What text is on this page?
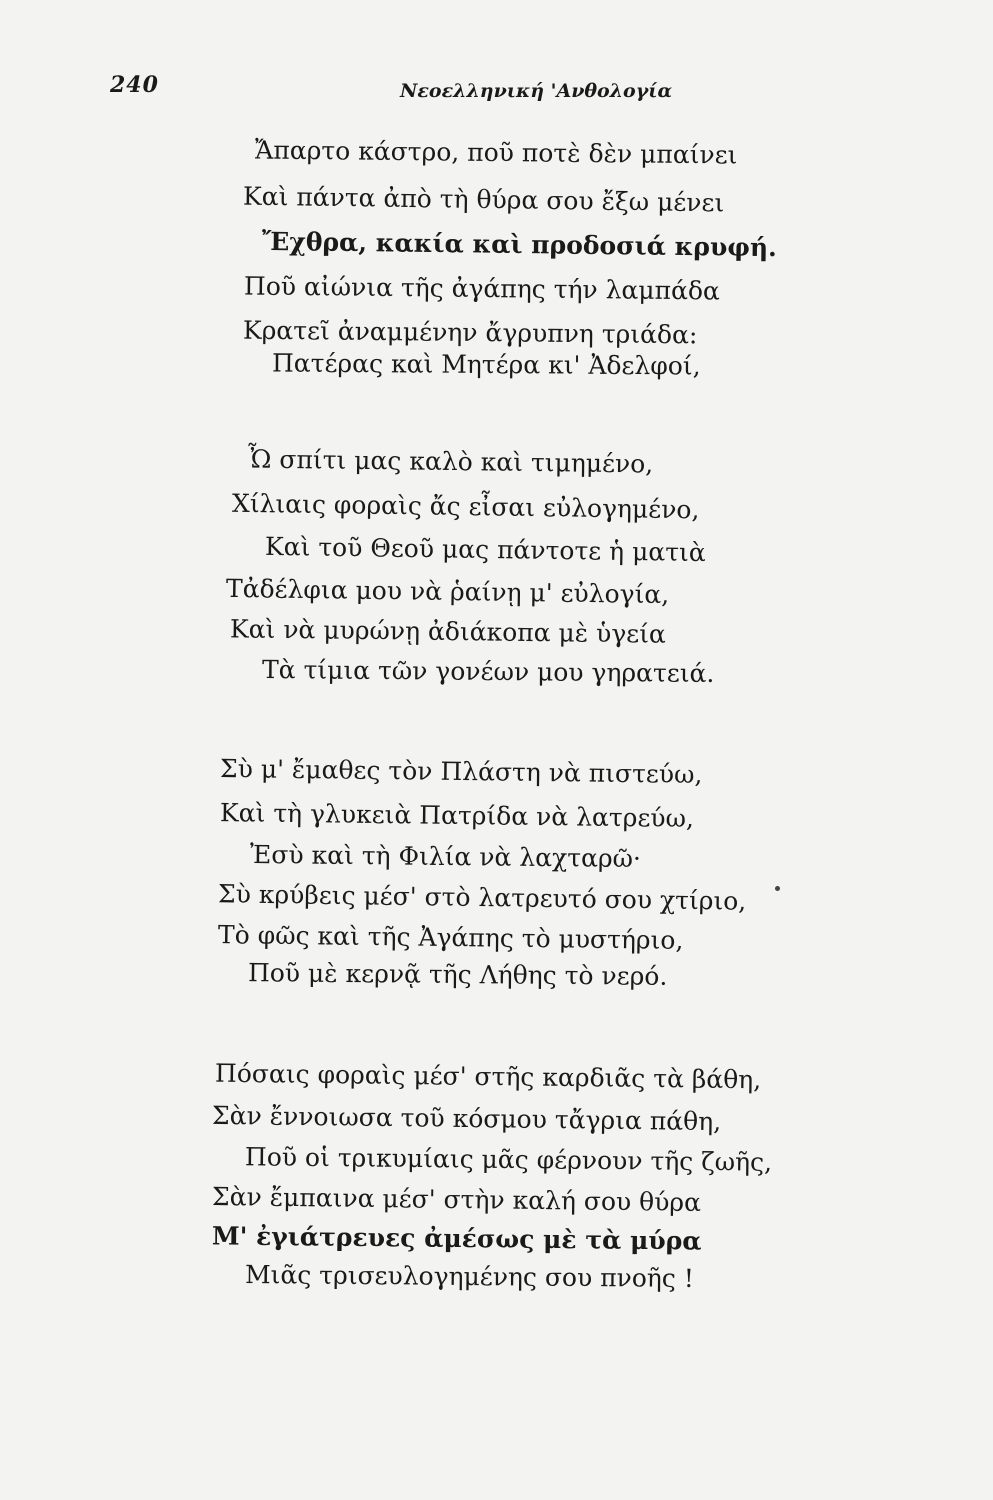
240	Νεοελληνική 'Ανθολογία
Ἄπαρτο κάστρο, ποῦ ποτὲ δὲν μπαίνει
Καὶ πάντα ἀπὸ τὴ θύρα σου ἔξω μένει
Ἔχθρα, κακία καὶ προδοσιά κρυφή.
Ποῦ αἰώνια τῆς ἀγάπης τήν λαμπάδα
Κρατεῖ ἀναμμένην ἄγρυπνη τριάδα:
Πατέρας καὶ Μητέρα κι' Ἀδελφοί,
Ὦ σπίτι μας καλὸ καὶ τιμημένο,
Χίλιαις φοραὶς ἄς εἶσαι εὐλογημένο,
Καὶ τοῦ Θεοῦ μας πάντοτε ἡ ματιὰ
Τἀδέλφια μου νὰ ῥαίνῃ μ' εὐλογία,
Καὶ νὰ μυρώνῃ ἀδιάκοπα μὲ ὑγεία
Τὰ τίμια τῶν γονέων μου γηρατειά.
Σὺ μ' ἔμαθες τὸν Πλάστη νὰ πιστεύω,
Καὶ τὴ γλυκειὰ Πατρίδα νὰ λατρεύω,
Ἐσὺ καὶ τὴ Φιλία νὰ λαχταρῶ·
Σὺ κρύβεις μέσ' στὸ λατρευτό σου χτίριο,
Τὸ φῶς καὶ τῆς Ἀγάπης τὸ μυστήριο,
Ποῦ μὲ κερνᾷ τῆς Λήθης τὸ νερό.
Πόσαις φοραὶς μέσ' στῆς καρδιᾶς τὰ βάθη,
Σὰν ἔννοιωσα τοῦ κόσμου τἄγρια πάθη,
Ποῦ οἱ τρικυμίαις μᾶς φέρνουν τῆς ζωῆς,
Σὰν ἔμπαινα μέσ' στὴν καλή σου θύρα
Μ' ἐγιάτρευες ἀμέσως μὲ τὰ μύρα
Μιᾶς τρισευλογημένης σου πνοῆς !
